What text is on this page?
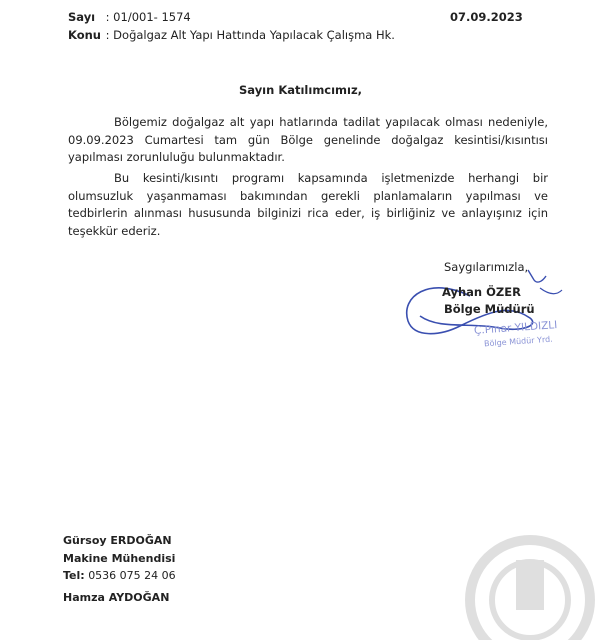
Sayı : 01/001- 1574
Konu : Doğalgaz Alt Yapı Hattında Yapılacak Çalışma Hk.
07.09.2023
Sayın Katılımcımız,

Bölgemiz doğalgaz alt yapı hatlarında tadilat yapılacak olması nedeniyle, 09.09.2023 Cumartesi tam gün Bölge genelinde doğalgaz kesintisi/kısıntısı yapılması zorunluluğu bulunmaktadır.

Bu kesinti/kısıntı programı kapsamında işletmenizde herhangi bir olumsuzluk yaşanmaması bakımından gerekli planlamaların yapılması ve tedbirlerin alınması hususunda bilginizi rica eder, iş birliğiniz ve anlayışınız için teşekkür ederiz.

Saygılarımızla,
Ayhan ÖZER
Bölge Müdürü
Ç.Pınar YILDIZLI
Bölge Müdür Yrd.
Gürsoy ERDOĞAN
Makine Mühendisi
Tel: 0536 075 24 06
Hamza AYDOĞAN
